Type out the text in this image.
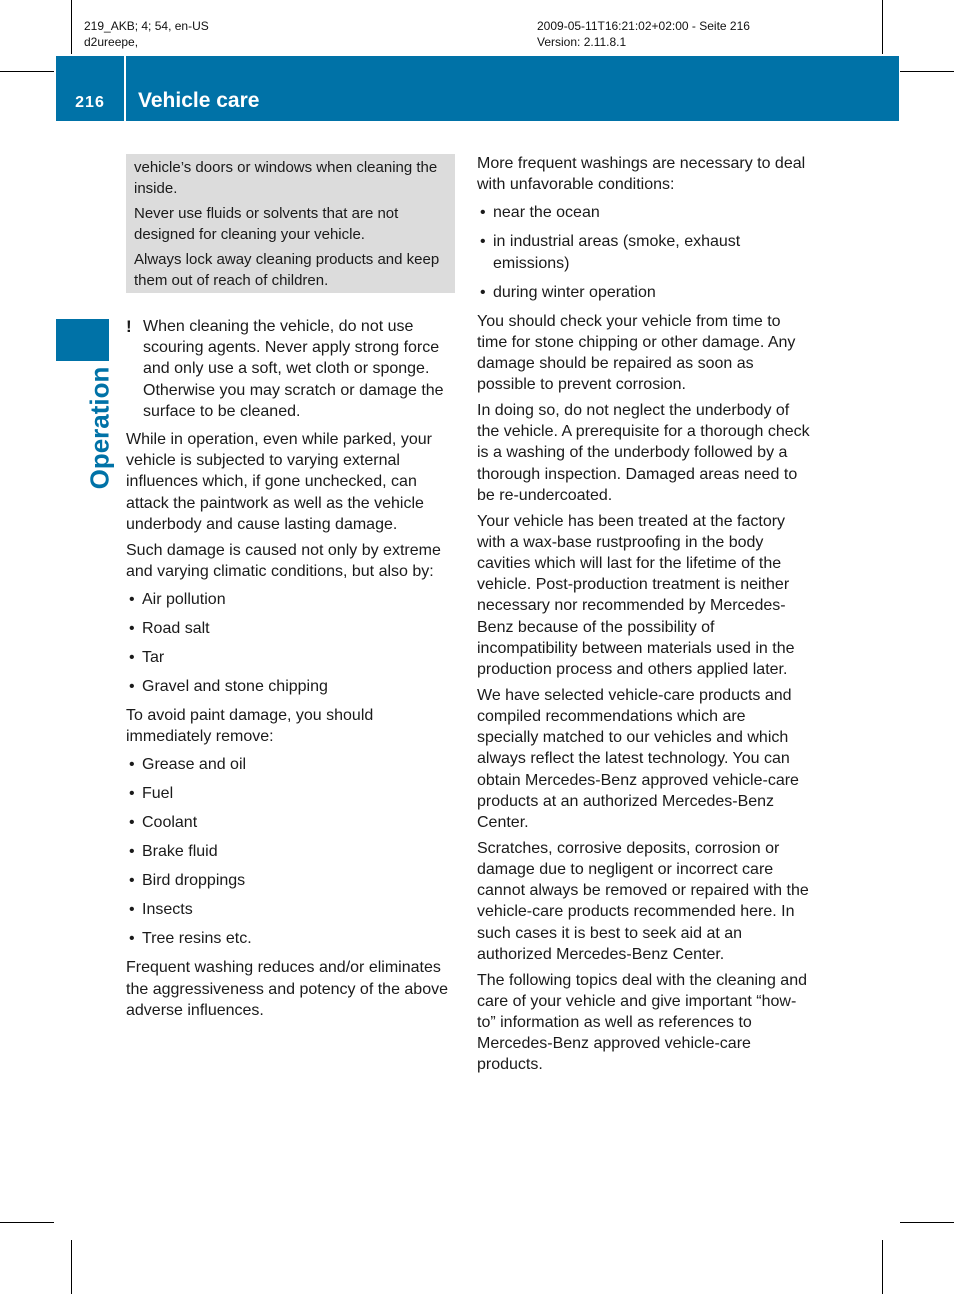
219_AKB; 4; 54, en-US
d2ureepe,
2009-05-11T16:21:02+02:00 - Seite 216
Version: 2.11.8.1
216	Vehicle care
Operation

vehicle’s doors or windows when cleaning the inside.

Never use fluids or solvents that are not designed for cleaning your vehicle.

Always lock away cleaning products and keep them out of reach of children.

! When cleaning the vehicle, do not use scouring agents. Never apply strong force and only use a soft, wet cloth or sponge. Otherwise you may scratch or damage the surface to be cleaned.

While in operation, even while parked, your vehicle is subjected to varying external influences which, if gone unchecked, can attack the paintwork as well as the vehicle underbody and cause lasting damage.

Such damage is caused not only by extreme and varying climatic conditions, but also by:

• Air pollution
• Road salt
• Tar
• Gravel and stone chipping

To avoid paint damage, you should immediately remove:

• Grease and oil
• Fuel
• Coolant
• Brake fluid
• Bird droppings
• Insects
• Tree resins etc.

Frequent washing reduces and/or eliminates the aggressiveness and potency of the above adverse influences.

More frequent washings are necessary to deal with unfavorable conditions:

• near the ocean
• in industrial areas (smoke, exhaust emissions)
• during winter operation

You should check your vehicle from time to time for stone chipping or other damage. Any damage should be repaired as soon as possible to prevent corrosion.

In doing so, do not neglect the underbody of the vehicle. A prerequisite for a thorough check is a washing of the underbody followed by a thorough inspection. Damaged areas need to be re-undercoated.

Your vehicle has been treated at the factory with a wax-base rustproofing in the body cavities which will last for the lifetime of the vehicle. Post-production treatment is neither necessary nor recommended by Mercedes-Benz because of the possibility of incompatibility between materials used in the production process and others applied later.

We have selected vehicle-care products and compiled recommendations which are specially matched to our vehicles and which always reflect the latest technology. You can obtain Mercedes-Benz approved vehicle-care products at an authorized Mercedes-Benz Center.

Scratches, corrosive deposits, corrosion or damage due to negligent or incorrect care cannot always be removed or repaired with the vehicle-care products recommended here. In such cases it is best to seek aid at an authorized Mercedes-Benz Center.

The following topics deal with the cleaning and care of your vehicle and give important “how-to” information as well as references to Mercedes-Benz approved vehicle-care products.
